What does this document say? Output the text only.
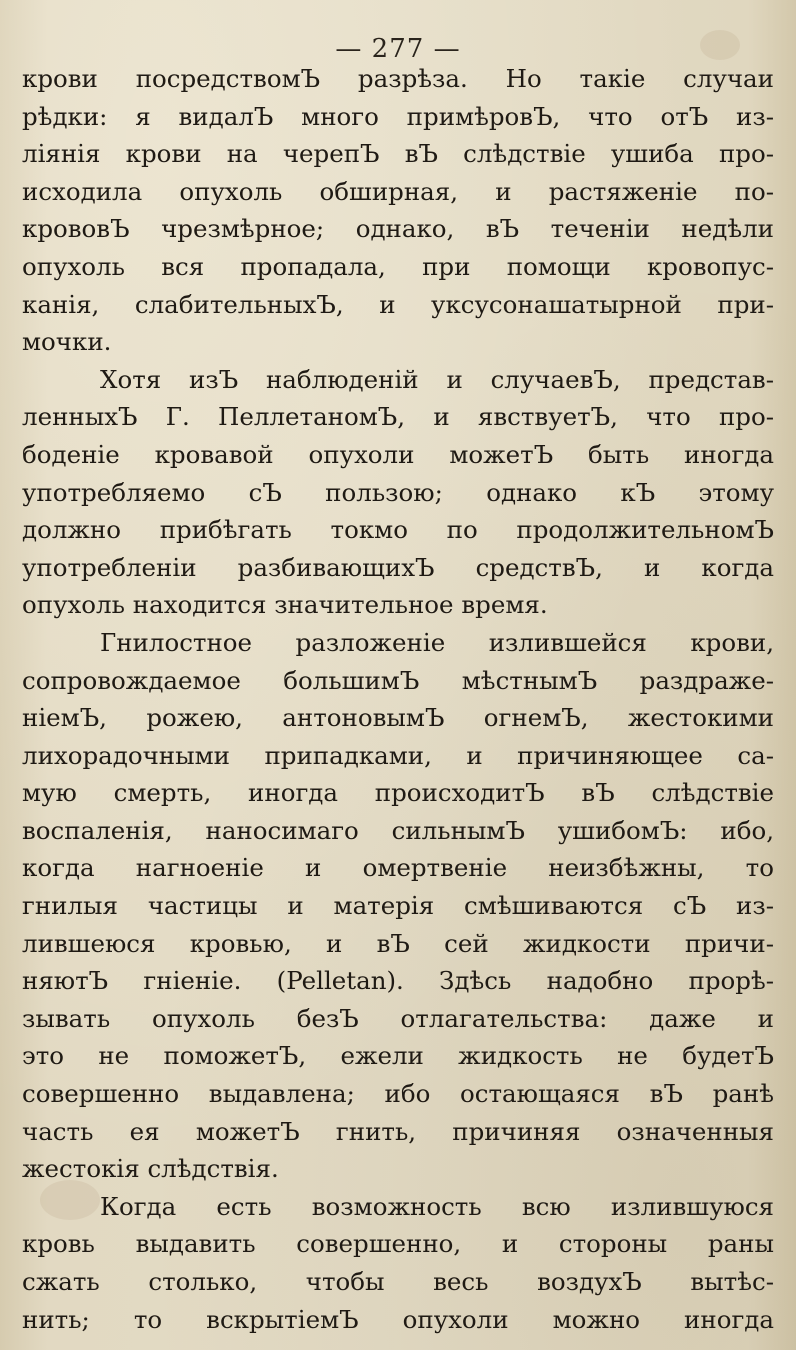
— 277 —
крови посредствомЪ разрѣза. Но такіе случаи
рѣдки: я видалЪ много примѣровЪ, что отЪ из-
ліянія крови на черепЪ вЪ слѣдствіе ушиба про-
исходила опухоль обширная, и растяженіе по-
крововЪ чрезмѣрное; однако, вЪ теченіи недѣли
опухоль вся пропадала, при помощи кровопус-
канія, слабительныхЪ, и уксусонашатырной при-
мочки.
Хотя изЪ наблюденій и случаевЪ, представ-
ленныхЪ Г. ПеллетаномЪ, и явствуетЪ, что про-
боденіе кровавой опухоли можетЪ быть иногда
употребляемо сЪ пользою; однако кЪ этому
должно прибѣгать токмо по продолжительномЪ
употребленіи разбивающихЪ средствЪ, и когда
опухоль находится значительное время.
Гнилостное разложеніе излившейся крови,
сопровождаемое большимЪ мѣстнымЪ раздраже-
ніемЪ, рожею, антоновымЪ огнемЪ, жестокими
лихорадочными припадками, и причиняющее са-
мую смерть, иногда происходитЪ вЪ слѣдствіе
воспаленія, наносимаго сильнымЪ ушибомЪ: ибо,
когда нагноеніе и омертвеніе неизбѣжны, то
гнилыя частицы и матерія смѣшиваются сЪ из-
лившеюся кровью, и вЪ сей жидкости причи-
няютЪ гніеніе. (Pelletan). Здѣсь надобно прорѣ-
зывать опухоль безЪ отлагательства: даже и
это не поможетЪ, ежели жидкость не будетЪ
совершенно выдавлена; ибо остающаяся вЪ ранѣ
часть ея можетЪ гнить, причиняя означенныя
жестокія слѣдствія.
Когда есть возможность всю излившуюся
кровь выдавить совершенно, и стороны раны
сжать столько, чтобы весь воздухЪ вытѣс-
нить; то вскрытіемЪ опухоли можно иногда
